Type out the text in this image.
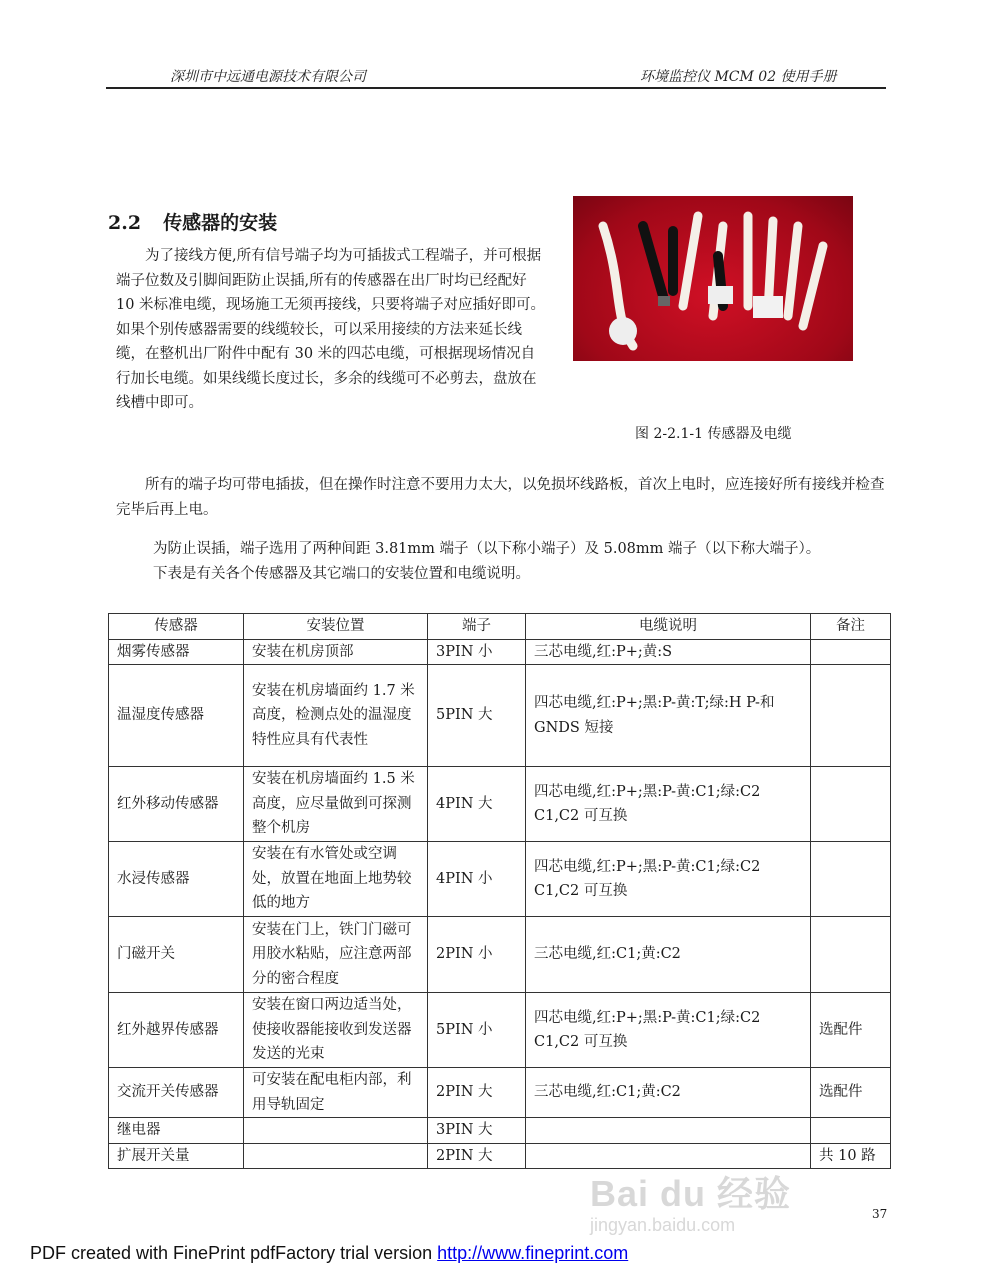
深圳市中远通电源技术有限公司	环境监控仪 MCM 02 使用手册
2.2 传感器的安装
为了接线方便,所有信号端子均为可插拔式工程端子，并可根据端子位数及引脚间距防止误插,所有的传感器在出厂时均已经配好 10 米标准电缆，现场施工无须再接线，只要将端子对应插好即可。如果个别传感器需要的线缆较长，可以采用接续的方法来延长线缆，在整机出厂附件中配有 30 米的四芯电缆，可根据现场情况自行加长电缆。如果线缆长度过长，多余的线缆可不必剪去，盘放在线槽中即可。
图 2-2.1-1 传感器及电缆
所有的端子均可带电插拔，但在操作时注意不要用力太大，以免损坏线路板，首次上电时，应连接好所有接线并检查完毕后再上电。
为防止误插，端子选用了两种间距 3.81mm 端子（以下称小端子）及 5.08mm 端子（以下称大端子）。
下表是有关各个传感器及其它端口的安装位置和电缆说明。
传感器	安装位置	端子	电缆说明	备注
烟雾传感器	安装在机房顶部	3PIN 小	三芯电缆,红:P+;黄:S	
温湿度传感器	安装在机房墙面约 1.7 米高度，检测点处的温湿度特性应具有代表性	5PIN 大	四芯电缆,红:P+;黑:P-黄:T;绿:H P-和 GNDS 短接	
红外移动传感器	安装在机房墙面约 1.5 米高度，应尽量做到可探测整个机房	4PIN 大	四芯电缆,红:P+;黑:P-黄:C1;绿:C2 C1,C2 可互换	
水浸传感器	安装在有水管处或空调处，放置在地面上地势较低的地方	4PIN 小	四芯电缆,红:P+;黑:P-黄:C1;绿:C2 C1,C2 可互换	
门磁开关	安装在门上，铁门门磁可用胶水粘贴，应注意两部分的密合程度	2PIN 小	三芯电缆,红:C1;黄:C2	
红外越界传感器	安装在窗口两边适当处，使接收器能接收到发送器发送的光束	5PIN 小	四芯电缆,红:P+;黑:P-黄:C1;绿:C2 C1,C2 可互换	选配件
交流开关传感器	可安装在配电柜内部，利用导轨固定	2PIN 大	三芯电缆,红:C1;黄:C2	选配件
继电器		3PIN 大		
扩展开关量		2PIN 大		共 10 路
Bai du 经验
jingyan.baidu.com
37
PDF created with FinePrint pdfFactory trial version http://www.fineprint.com
